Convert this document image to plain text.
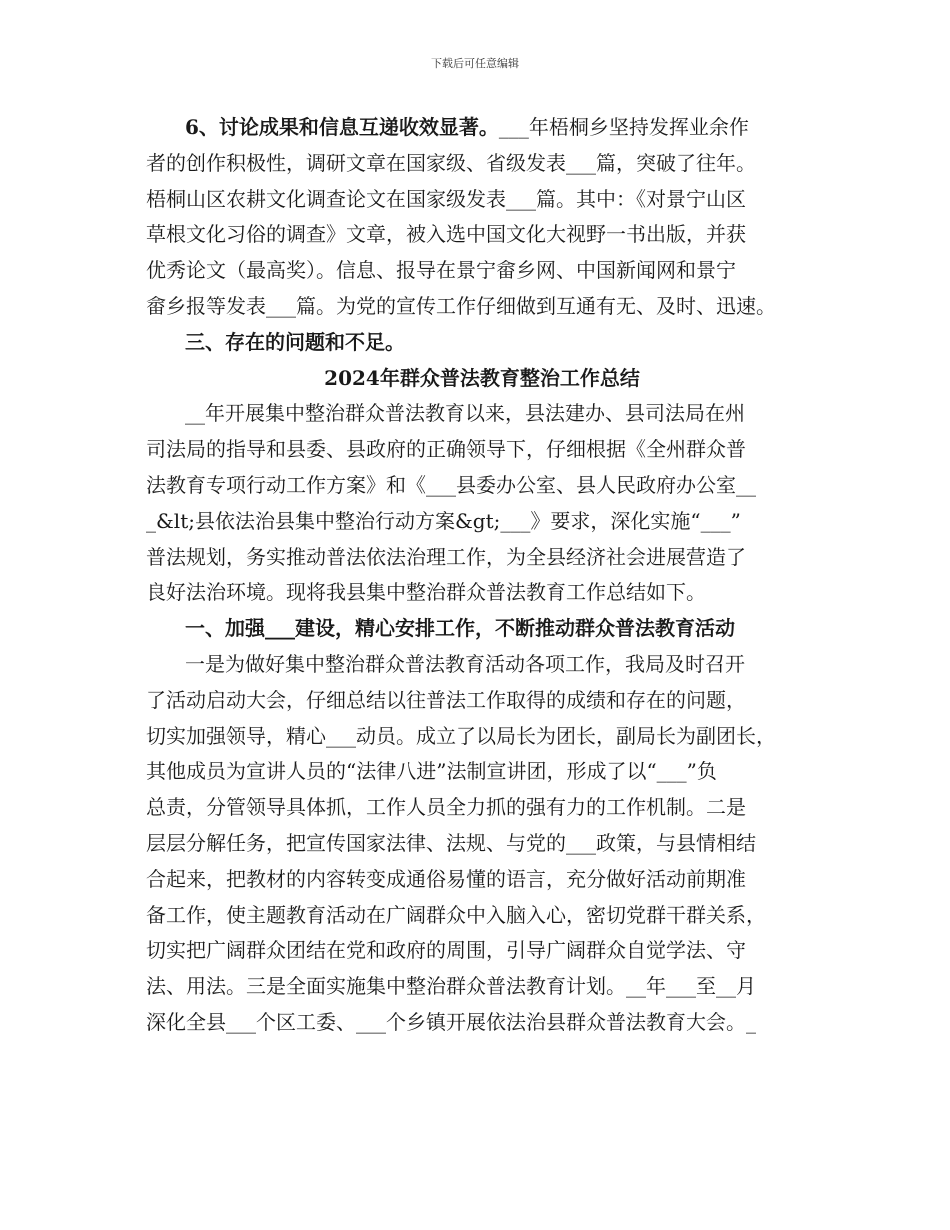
下载后可任意编辑
6、讨论成果和信息互递收效显著。___年梧桐乡坚持发挥业余作
者的创作积极性，调研文章在国家级、省级发表___篇，突破了往年。
梧桐山区农耕文化调查论文在国家级发表___篇。其中：《对景宁山区
草根文化习俗的调查》文章，被入选中国文化大视野一书出版，并获
优秀论文（最高奖）。信息、报导在景宁畲乡网、中国新闻网和景宁
畲乡报等发表___篇。为党的宣传工作仔细做到互通有无、及时、迅速。
三、存在的问题和不足。
2024年群众普法教育整治工作总结
__年开展集中整治群众普法教育以来，县法建办、县司法局在州
司法局的指导和县委、县政府的正确领导下，仔细根据《全州群众普
法教育专项行动工作方案》和《___县委办公室、县人民政府办公室__
_&lt;县依法治县集中整治行动方案&gt;___》要求，深化实施“___”
普法规划，务实推动普法依法治理工作，为全县经济社会进展营造了
良好法治环境。现将我县集中整治群众普法教育工作总结如下。
一、加强___建设，精心安排工作，不断推动群众普法教育活动
一是为做好集中整治群众普法教育活动各项工作，我局及时召开
了活动启动大会，仔细总结以往普法工作取得的成绩和存在的问题，
切实加强领导，精心___动员。成立了以局长为团长，副局长为副团长，
其他成员为宣讲人员的“法律八进”法制宣讲团，形成了以“___”负
总责，分管领导具体抓，工作人员全力抓的强有力的工作机制。二是
层层分解任务，把宣传国家法律、法规、与党的___政策，与县情相结
合起来，把教材的内容转变成通俗易懂的语言，充分做好活动前期准
备工作，使主题教育活动在广阔群众中入脑入心，密切党群干群关系，
切实把广阔群众团结在党和政府的周围，引导广阔群众自觉学法、守
法、用法。三是全面实施集中整治群众普法教育计划。__年___至__月
深化全县___个区工委、___个乡镇开展依法治县群众普法教育大会。_
